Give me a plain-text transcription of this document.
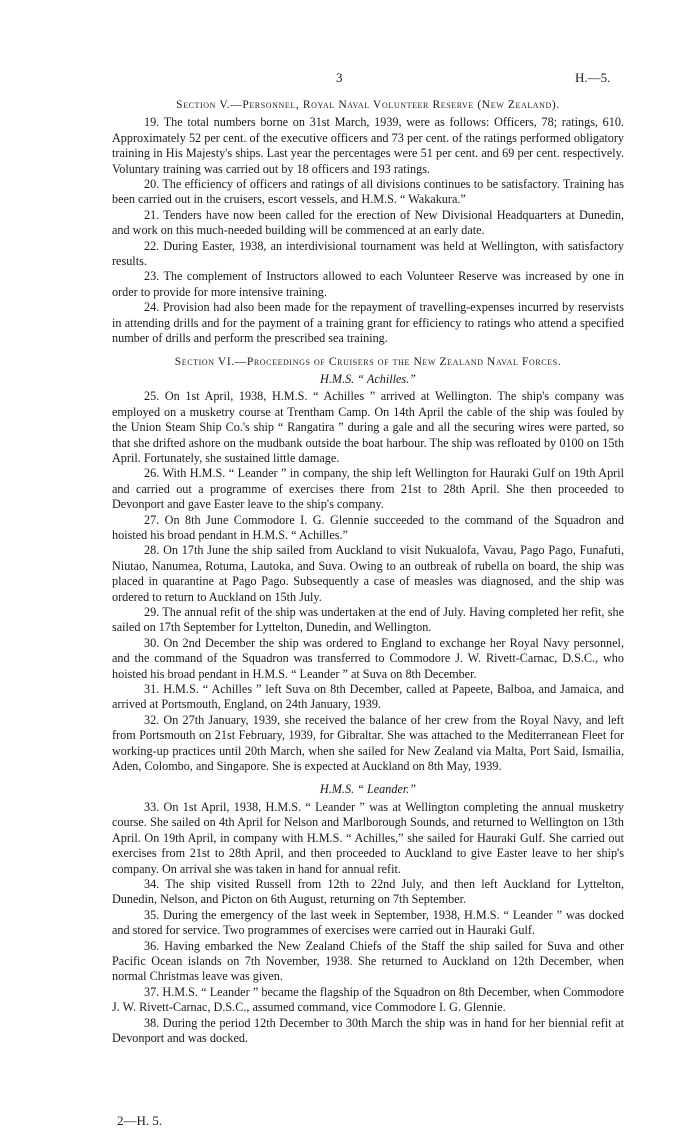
3	H.—5.
Section V.—Personnel, Royal Naval Volunteer Reserve (New Zealand).

19. The total numbers borne on 31st March, 1939, were as follows: Officers, 78; ratings, 610. Approximately 52 per cent. of the executive officers and 73 per cent. of the ratings performed obligatory training in His Majesty's ships. Last year the percentages were 51 per cent. and 69 per cent. respectively. Voluntary training was carried out by 18 officers and 193 ratings.

20. The efficiency of officers and ratings of all divisions continues to be satisfactory. Training has been carried out in the cruisers, escort vessels, and H.M.S. “ Wakakura.”

21. Tenders have now been called for the erection of New Divisional Headquarters at Dunedin, and work on this much-needed building will be commenced at an early date.

22. During Easter, 1938, an interdivisional tournament was held at Wellington, with satisfactory results.

23. The complement of Instructors allowed to each Volunteer Reserve was increased by one in order to provide for more intensive training.

24. Provision had also been made for the repayment of travelling-expenses incurred by reservists in attending drills and for the payment of a training grant for efficiency to ratings who attend a specified number of drills and perform the prescribed sea training.

Section VI.—Proceedings of Cruisers of the New Zealand Naval Forces.
H.M.S. “ Achilles.”

25. On 1st April, 1938, H.M.S. “ Achilles ” arrived at Wellington. The ship's company was employed on a musketry course at Trentham Camp. On 14th April the cable of the ship was fouled by the Union Steam Ship Co.'s ship “ Rangatira ” during a gale and all the securing wires were parted, so that she drifted ashore on the mudbank outside the boat harbour. The ship was refloated by 0100 on 15th April. Fortunately, she sustained little damage.

26. With H.M.S. “ Leander ” in company, the ship left Wellington for Hauraki Gulf on 19th April and carried out a programme of exercises there from 21st to 28th April. She then proceeded to Devonport and gave Easter leave to the ship's company.

27. On 8th June Commodore I. G. Glennie succeeded to the command of the Squadron and hoisted his broad pendant in H.M.S. “ Achilles.”

28. On 17th June the ship sailed from Auckland to visit Nukualofa, Vavau, Pago Pago, Funafuti, Niutao, Nanumea, Rotuma, Lautoka, and Suva. Owing to an outbreak of rubella on board, the ship was placed in quarantine at Pago Pago. Subsequently a case of measles was diagnosed, and the ship was ordered to return to Auckland on 15th July.

29. The annual refit of the ship was undertaken at the end of July. Having completed her refit, she sailed on 17th September for Lyttelton, Dunedin, and Wellington.

30. On 2nd December the ship was ordered to England to exchange her Royal Navy personnel, and the command of the Squadron was transferred to Commodore J. W. Rivett-Carnac, D.S.C., who hoisted his broad pendant in H.M.S. “ Leander ” at Suva on 8th December.

31. H.M.S. “ Achilles ” left Suva on 8th December, called at Papeete, Balboa, and Jamaica, and arrived at Portsmouth, England, on 24th January, 1939.

32. On 27th January, 1939, she received the balance of her crew from the Royal Navy, and left from Portsmouth on 21st February, 1939, for Gibraltar. She was attached to the Mediterranean Fleet for working-up practices until 20th March, when she sailed for New Zealand via Malta, Port Said, Ismailia, Aden, Colombo, and Singapore. She is expected at Auckland on 8th May, 1939.

H.M.S. “ Leander.”

33. On 1st April, 1938, H.M.S. “ Leander ” was at Wellington completing the annual musketry course. She sailed on 4th April for Nelson and Marlborough Sounds, and returned to Wellington on 13th April. On 19th April, in company with H.M.S. “ Achilles,” she sailed for Hauraki Gulf. She carried out exercises from 21st to 28th April, and then proceeded to Auckland to give Easter leave to her ship's company. On arrival she was taken in hand for annual refit.

34. The ship visited Russell from 12th to 22nd July, and then left Auckland for Lyttelton, Dunedin, Nelson, and Picton on 6th August, returning on 7th September.

35. During the emergency of the last week in September, 1938, H.M.S. “ Leander ” was docked and stored for service. Two programmes of exercises were carried out in Hauraki Gulf.

36. Having embarked the New Zealand Chiefs of the Staff the ship sailed for Suva and other Pacific Ocean islands on 7th November, 1938. She returned to Auckland on 12th December, when normal Christmas leave was given.

37. H.M.S. “ Leander ” became the flagship of the Squadron on 8th December, when Commodore J. W. Rivett-Carnac, D.S.C., assumed command, vice Commodore I. G. Glennie.

38. During the period 12th December to 30th March the ship was in hand for her biennial refit at Devonport and was docked.

2—H. 5.
